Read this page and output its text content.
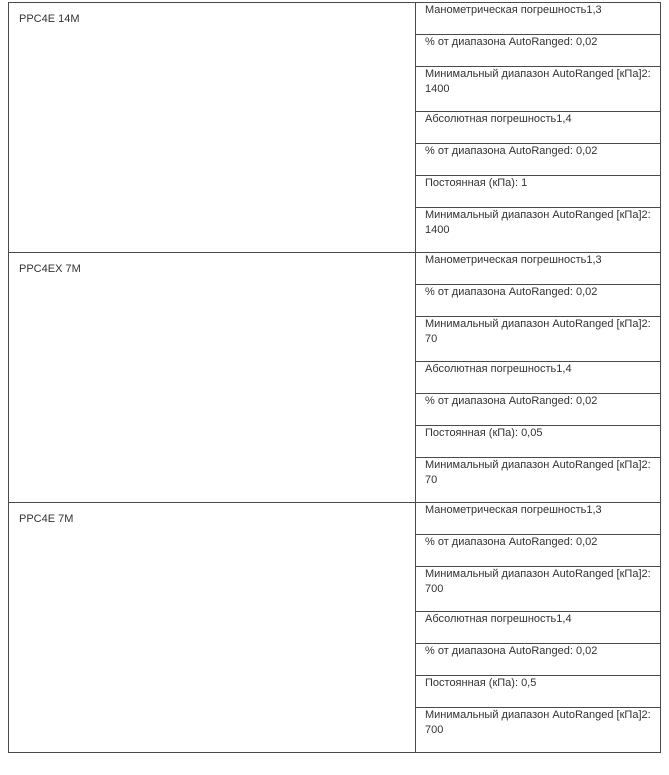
PPC4E 14M	Манометрическая погрешность1,3
	% от диапазона AutoRanged: 0,02
	Минимальный диапазон AutoRanged [кПа]2: 1400
	Абсолютная погрешность1,4
	% от диапазона AutoRanged: 0,02
	Постоянная (кПа): 1
	Минимальный диапазон AutoRanged [кПа]2: 1400
PPC4EX 7M	Манометрическая погрешность1,3
	% от диапазона AutoRanged: 0,02
	Минимальный диапазон AutoRanged [кПа]2: 70
	Абсолютная погрешность1,4
	% от диапазона AutoRanged: 0,02
	Постоянная (кПа): 0,05
	Минимальный диапазон AutoRanged [кПа]2: 70
PPC4E 7M	Манометрическая погрешность1,3
	% от диапазона AutoRanged: 0,02
	Минимальный диапазон AutoRanged [кПа]2: 700
	Абсолютная погрешность1,4
	% от диапазона AutoRanged: 0,02
	Постоянная (кПа): 0,5
	Минимальный диапазон AutoRanged [кПа]2: 700
